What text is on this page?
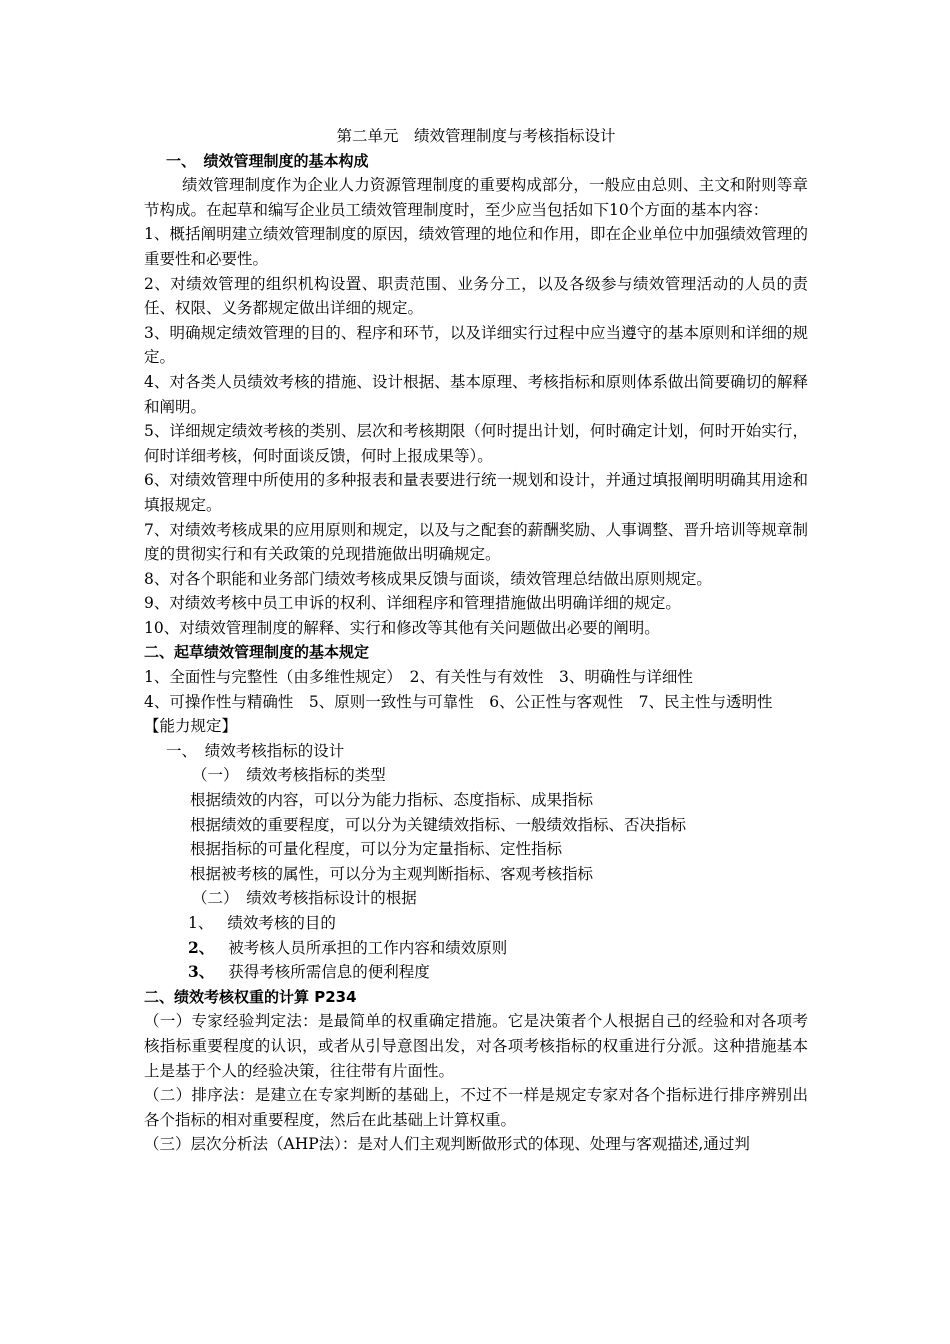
第二单元　绩效管理制度与考核指标设计
一、　绩效管理制度的基本构成
绩效管理制度作为企业人力资源管理制度的重要构成部分，一般应由总则、主文和附则等章节构成。在起草和编写企业员工绩效管理制度时，至少应当包括如下10个方面的基本内容：
1、概括阐明建立绩效管理制度的原因，绩效管理的地位和作用，即在企业单位中加强绩效管理的重要性和必要性。
2、对绩效管理的组织机构设置、职责范围、业务分工，以及各级参与绩效管理活动的人员的责任、权限、义务都规定做出详细的规定。
3、明确规定绩效管理的目的、程序和环节，以及详细实行过程中应当遵守的基本原则和详细的规定。
4、对各类人员绩效考核的措施、设计根据、基本原理、考核指标和原则体系做出简要确切的解释和阐明。
5、详细规定绩效考核的类别、层次和考核期限（何时提出计划，何时确定计划，何时开始实行，何时详细考核，何时面谈反馈，何时上报成果等）。
6、对绩效管理中所使用的多种报表和量表要进行统一规划和设计，并通过填报阐明明确其用途和填报规定。
7、对绩效考核成果的应用原则和规定，以及与之配套的薪酬奖励、人事调整、晋升培训等规章制度的贯彻实行和有关政策的兑现措施做出明确规定。
8、对各个职能和业务部门绩效考核成果反馈与面谈，绩效管理总结做出原则规定。
9、对绩效考核中员工申诉的权利、详细程序和管理措施做出明确详细的规定。
10、对绩效管理制度的解释、实行和修改等其他有关问题做出必要的阐明。
二、起草绩效管理制度的基本规定
1、全面性与完整性（由多维性规定）　2、有关性与有效性　3、明确性与详细性
4、可操作性与精确性　5、原则一致性与可靠性　6、公正性与客观性　7、民主性与透明性
【能力规定】
一、　绩效考核指标的设计
（一）　绩效考核指标的类型
根据绩效的内容，可以分为能力指标、态度指标、成果指标
根据绩效的重要程度，可以分为关键绩效指标、一般绩效指标、否决指标
根据指标的可量化程度，可以分为定量指标、定性指标
根据被考核的属性，可以分为主观判断指标、客观考核指标
（二）　绩效考核指标设计的根据
1、 绩效考核的目的
2、 被考核人员所承担的工作内容和绩效原则
3、 获得考核所需信息的便利程度
二、绩效考核权重的计算 P234
（一）专家经验判定法：是最简单的权重确定措施。它是决策者个人根据自己的经验和对各项考核指标重要程度的认识，或者从引导意图出发，对各项考核指标的权重进行分派。这种措施基本上是基于个人的经验决策，往往带有片面性。
（二）排序法：是建立在专家判断的基础上，不过不一样是规定专家对各个指标进行排序辨别出各个指标的相对重要程度，然后在此基础上计算权重。
（三）层次分析法（AHP法）：是对人们主观判断做形式的体现、处理与客观描述,通过判
